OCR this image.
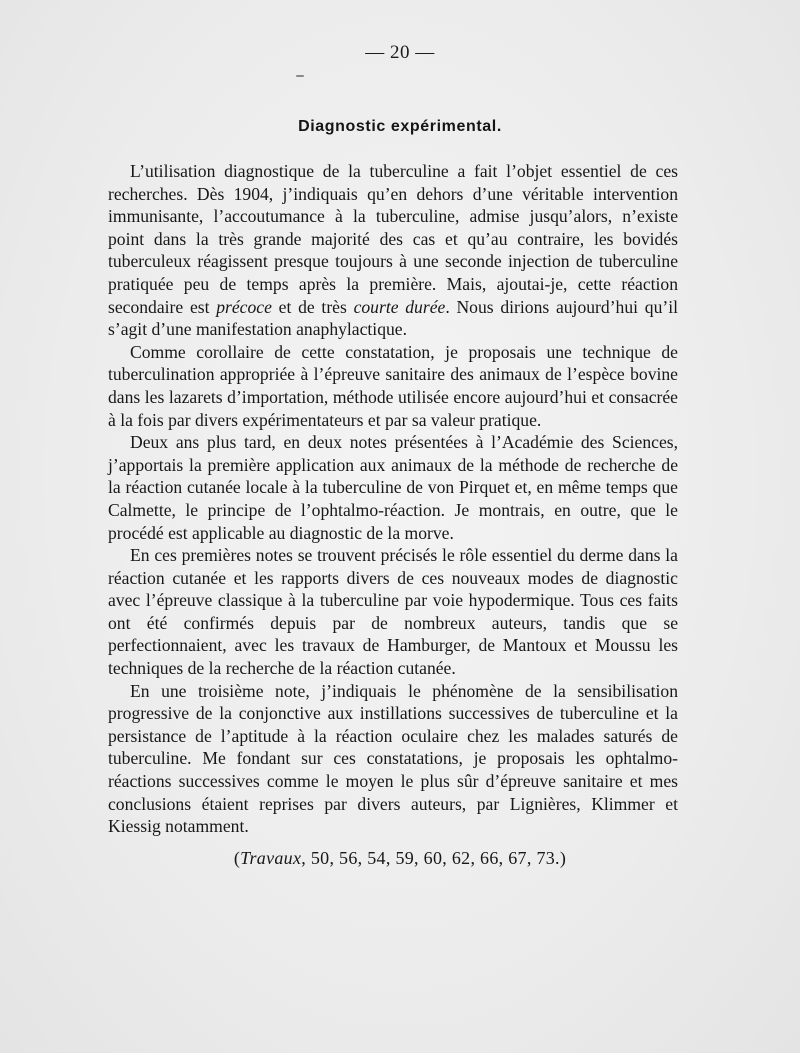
— 20 —
Diagnostic expérimental.

L’utilisation diagnostique de la tuberculine a fait l’objet essentiel de ces recherches. Dès 1904, j’indiquais qu’en dehors d’une véritable intervention immunisante, l’accoutumance à la tuberculine, admise jusqu’alors, n’existe point dans la très grande majorité des cas et qu’au contraire, les bovidés tuberculeux réagissent presque toujours à une seconde injection de tuberculine pratiquée peu de temps après la première. Mais, ajoutai-je, cette réaction secondaire est précoce et de très courte durée. Nous dirions aujourd’hui qu’il s’agit d’une manifestation anaphylactique.

Comme corollaire de cette constatation, je proposais une technique de tuberculination appropriée à l’épreuve sanitaire des animaux de l’espèce bovine dans les lazarets d’importation, méthode utilisée encore aujourd’hui et consacrée à la fois par divers expérimentateurs et par sa valeur pratique.

Deux ans plus tard, en deux notes présentées à l’Académie des Sciences, j’apportais la première application aux animaux de la méthode de recherche de la réaction cutanée locale à la tuberculine de von Pirquet et, en même temps que Calmette, le principe de l’ophtalmo-réaction. Je montrais, en outre, que le procédé est applicable au diagnostic de la morve.

En ces premières notes se trouvent précisés le rôle essentiel du derme dans la réaction cutanée et les rapports divers de ces nouveaux modes de diagnostic avec l’épreuve classique à la tuberculine par voie hypodermique. Tous ces faits ont été confirmés depuis par de nombreux auteurs, tandis que se perfectionnaient, avec les travaux de Hamburger, de Mantoux et Moussu les techniques de la recherche de la réaction cutanée.

En une troisième note, j’indiquais le phénomène de la sensibilisation progressive de la conjonctive aux instillations successives de tuberculine et la persistance de l’aptitude à la réaction oculaire chez les malades saturés de tuberculine. Me fondant sur ces constatations, je proposais les ophtalmo-réactions successives comme le moyen le plus sûr d’épreuve sanitaire et mes conclusions étaient reprises par divers auteurs, par Lignières, Klimmer et Kiessig notamment.

(Travaux, 50, 56, 54, 59, 60, 62, 66, 67, 73.)
